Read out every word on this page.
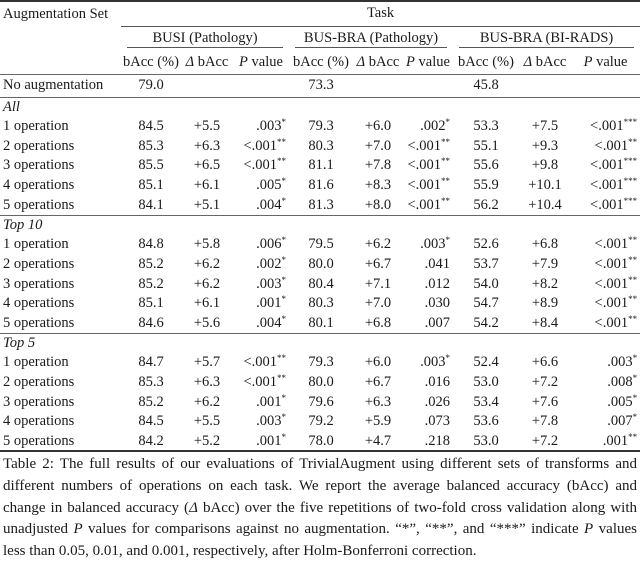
Augmentation Set	Task								

	BUSI (Pathology)			BUS-BRA (Pathology)			BUS-BRA (BI-RADS)		

	bAcc (%)	Δ bAcc	P value	bAcc (%)	Δ bAcc	P value	bAcc (%)	Δ bAcc	P value
No augmentation	79.0			73.3			45.8		
All									
1 operation	84.5	+5.5	.003*	79.3	+6.0	.002*	53.3	+7.5	<.001***
2 operations	85.3	+6.3	<.001**	80.3	+7.0	<.001**	55.1	+9.3	<.001**
3 operations	85.5	+6.5	<.001**	81.1	+7.8	<.001**	55.6	+9.8	<.001***
4 operations	85.1	+6.1	.005*	81.6	+8.3	<.001**	55.9	+10.1	<.001***
5 operations	84.1	+5.1	.004*	81.3	+8.0	<.001**	56.2	+10.4	<.001***
Top 10									
1 operation	84.8	+5.8	.006*	79.5	+6.2	.003*	52.6	+6.8	<.001**
2 operations	85.2	+6.2	.002*	80.0	+6.7	.041	53.7	+7.9	<.001**
3 operations	85.2	+6.2	.003*	80.4	+7.1	.012	54.0	+8.2	<.001**
4 operations	85.1	+6.1	.001*	80.3	+7.0	.030	54.7	+8.9	<.001**
5 operations	84.6	+5.6	.004*	80.1	+6.8	.007	54.2	+8.4	<.001**
Top 5									
1 operation	84.7	+5.7	<.001**	79.3	+6.0	.003*	52.4	+6.6	.003*
2 operations	85.3	+6.3	<.001**	80.0	+6.7	.016	53.0	+7.2	.008*
3 operations	85.2	+6.2	.001*	79.6	+6.3	.026	53.4	+7.6	.005*
4 operations	84.5	+5.5	.003*	79.2	+5.9	.073	53.6	+7.8	.007*
5 operations	84.2	+5.2	.001*	78.0	+4.7	.218	53.0	+7.2	.001**
Table 2: The full results of our evaluations of TrivialAugment using different sets of transforms and different numbers of operations on each task. We report the average balanced accuracy (bAcc) and change in balanced accuracy (Δ bAcc) over the five repetitions of two-fold cross validation along with unadjusted P values for comparisons against no augmentation. “*”, “**”, and “***” indicate P values less than 0.05, 0.01, and 0.001, respectively, after Holm-Bonferroni correction.
